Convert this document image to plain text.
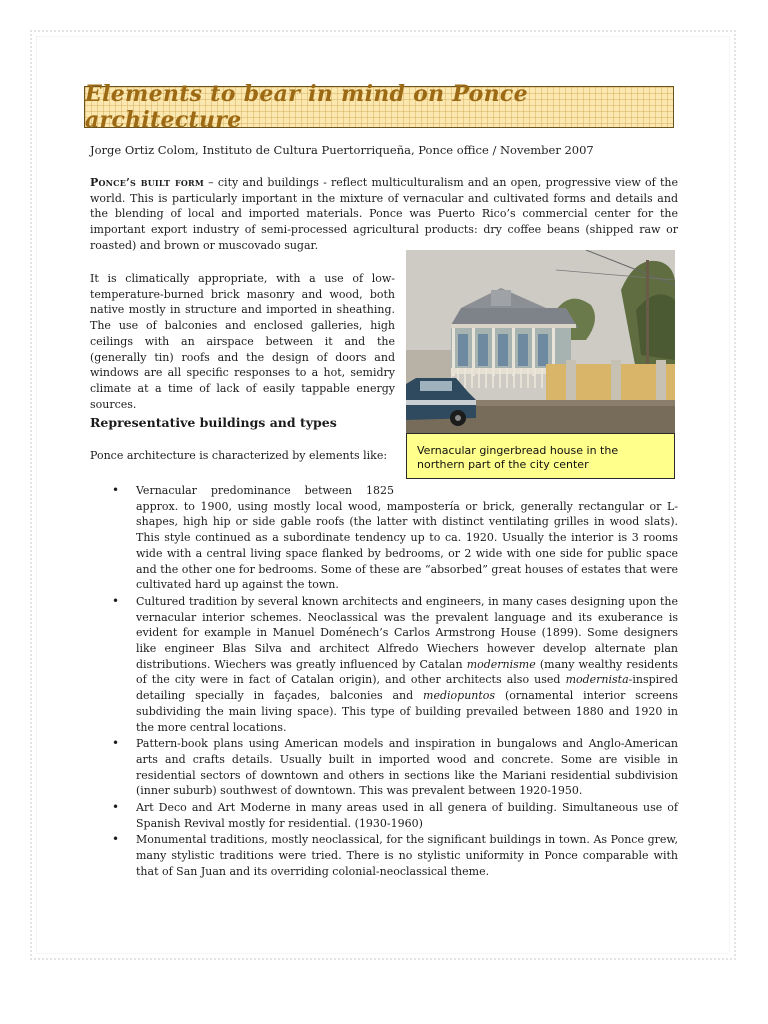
Elements to bear in mind on Ponce architecture
Jorge Ortiz Colom, Instituto de Cultura Puertorriqueña, Ponce office / November 2007

Ponce’s built form – city and buildings - reflect multiculturalism and an open, progressive view of the world. This is particularly important in the mixture of vernacular and cultivated forms and details and the blending of local and imported materials. Ponce was Puerto Rico’s commercial center for the important export industry of semi-processed agricultural products: dry coffee beans (shipped raw or roasted) and brown or muscovado sugar.

It is climatically appropriate, with a use of low-temperature-burned brick masonry and wood, both native mostly in structure and imported in sheathing. The use of balconies and enclosed galleries, high ceilings with an airspace between it and the (generally tin) roofs and the design of doors and windows are all specific responses to a hot, semidry climate at a time of lack of easily tappable energy sources.

Vernacular gingerbread house in the northern part of the city center
Representative buildings and types

Ponce architecture is characterized by elements like:

• Vernacular predominance between 1825
approx. to 1900, using mostly local wood, mampostería or brick, generally rectangular or L-shapes, high hip or side gable roofs (the latter with distinct ventilating grilles in wood slats). This style continued as a subordinate tendency up to ca. 1920. Usually the interior is 3 rooms wide with a central living space flanked by bedrooms, or 2 wide with one side for public space and the other one for bedrooms. Some of these are “absorbed” great houses of estates that were cultivated hard up against the town.
• Cultured tradition by several known architects and engineers, in many cases designing upon the vernacular interior schemes. Neoclassical was the prevalent language and its exuberance is evident for example in Manuel Doménech’s Carlos Armstrong House (1899). Some designers like engineer Blas Silva and architect Alfredo Wiechers however develop alternate plan distributions. Wiechers was greatly influenced by Catalan modernisme (many wealthy residents of the city were in fact of Catalan origin), and other architects also used modernista-inspired detailing specially in façades, balconies and mediopuntos (ornamental interior screens subdividing the main living space). This type of building prevailed between 1880 and 1920 in the more central locations.
• Pattern-book plans using American models and inspiration in bungalows and Anglo-American arts and crafts details. Usually built in imported wood and concrete. Some are visible in residential sectors of downtown and others in sections like the Mariani residential subdivision (inner suburb) southwest of downtown. This was prevalent between 1920-1950.
• Art Deco and Art Moderne in many areas used in all genera of building. Simultaneous use of Spanish Revival mostly for residential. (1930-1960)
• Monumental traditions, mostly neoclassical, for the significant buildings in town. As Ponce grew, many stylistic traditions were tried. There is no stylistic uniformity in Ponce comparable with that of San Juan and its overriding colonial-neoclassical theme.
